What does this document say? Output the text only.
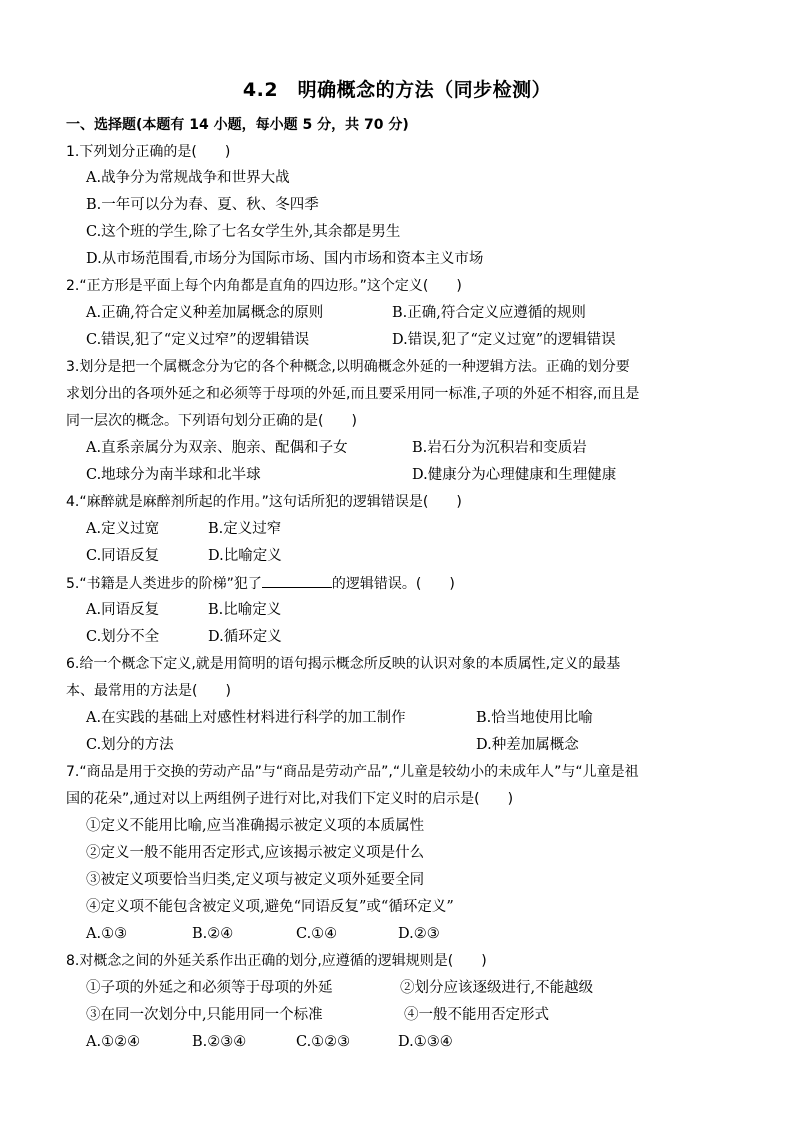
4.2　明确概念的方法（同步检测）
一、选择题(本题有 14 小题，每小题 5 分，共 70 分)
1.下列划分正确的是(　　)
A.战争分为常规战争和世界大战
B.一年可以分为春、夏、秋、冬四季
C.这个班的学生,除了七名女学生外,其余都是男生
D.从市场范围看,市场分为国际市场、国内市场和资本主义市场
2.“正方形是平面上每个内角都是直角的四边形。”这个定义(　　)
A.正确,符合定义种差加属概念的原则	B.正确,符合定义应遵循的规则
C.错误,犯了“定义过窄”的逻辑错误	D.错误,犯了“定义过宽”的逻辑错误
3.划分是把一个属概念分为它的各个种概念,以明确概念外延的一种逻辑方法。正确的划分要
求划分出的各项外延之和必须等于母项的外延,而且要采用同一标准,子项的外延不相容,而且是
同一层次的概念。下列语句划分正确的是(　　)
A.直系亲属分为双亲、胞亲、配偶和子女	B.岩石分为沉积岩和变质岩
C.地球分为南半球和北半球	D.健康分为心理健康和生理健康
4.“麻醉就是麻醉剂所起的作用。”这句话所犯的逻辑错误是(　　)
A.定义过宽	B.定义过窄
C.同语反复	D.比喻定义
5.“书籍是人类进步的阶梯”犯了	的逻辑错误。(　　)
A.同语反复	B.比喻定义
C.划分不全	D.循环定义
6.给一个概念下定义,就是用简明的语句揭示概念所反映的认识对象的本质属性,定义的最基
本、最常用的方法是(　　)
A.在实践的基础上对感性材料进行科学的加工制作	B.恰当地使用比喻
C.划分的方法	D.种差加属概念
7.“商品是用于交换的劳动产品”与“商品是劳动产品”,“儿童是较幼小的未成年人”与“儿童是祖
国的花朵”,通过对以上两组例子进行对比,对我们下定义时的启示是(　　)
①定义不能用比喻,应当准确揭示被定义项的本质属性
②定义一般不能用否定形式,应该揭示被定义项是什么
③被定义项要恰当归类,定义项与被定义项外延要全同
④定义项不能包含被定义项,避免“同语反复”或“循环定义”
A.①③	B.②④	C.①④	D.②③
8.对概念之间的外延关系作出正确的划分,应遵循的逻辑规则是(　　)
①子项的外延之和必须等于母项的外延	②划分应该逐级进行,不能越级
③在同一次划分中,只能用同一个标准	④一般不能用否定形式
A.①②④	B.②③④	C.①②③	D.①③④
